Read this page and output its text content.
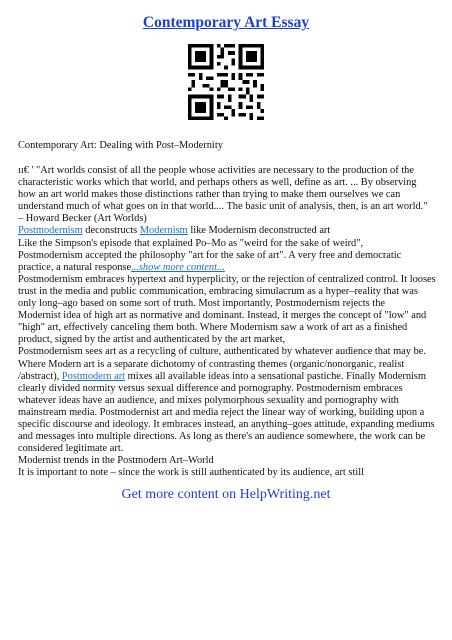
Contemporary Art Essay
Contemporary Art: Dealing with Post–Modernity
ıı€ ' "Art worlds consist of all the people whose activities are necessary to the production of the
characteristic works which that world, and perhaps others as well, define as art. ... By observing
how an art world makes those distinctions rather than trying to make them ourselves we can
understand much of what goes on in that world.... The basic unit of analysis, then, is an art world."
– Howard Becker (Art Worlds)
Postmodernism deconstructs Modernism like Modernism deconstructed art
Like the Simpson's episode that explained Po–Mo as "weird for the sake of weird",
Postmodernism accepted the philosophy "art for the sake of art". A very free and democratic
practice, a natural response...show more content...
Postmodernism embraces hypertext and hyperplicity, or the rejection of centralized control. It looses
trust in the media and public communication, embracing simulacrum as a hyper–reality that was
only long–ago based on some sort of truth. Most importantly, Postmodernism rejects the
Modernist idea of high art as normative and dominant. Instead, it merges the concept of "low" and
"high" art, effectively canceling them both. Where Modernism saw a work of art as a finished
product, signed by the artist and authenticated by the art market,
Postmodernism sees art as a recycling of culture, authenticated by whatever audience that may be.
Where Modern art is a separate dichotomy of contrasting themes (organic/nonorganic, realist
/abstract), Postmodern art mixes all available ideas into a sensational pastiche. Finally Modernism
clearly divided normity versus sexual difference and pornography. Postmodernism embraces
whatever ideas have an audience, and mixes polymorphous sexuality and pornography with
mainstream media. Postmodernist art and media reject the linear way of working, building upon a
specific discourse and ideology. It embraces instead, an anything–goes attitude, expanding mediums
and messages into multiple directions. As long as there's an audience somewhere, the work can be
considered legitimate art.
Modernist trends in the Postmodern Art–World
It is important to note – since the work is still authenticated by its audience, art still
Get more content on HelpWriting.net
